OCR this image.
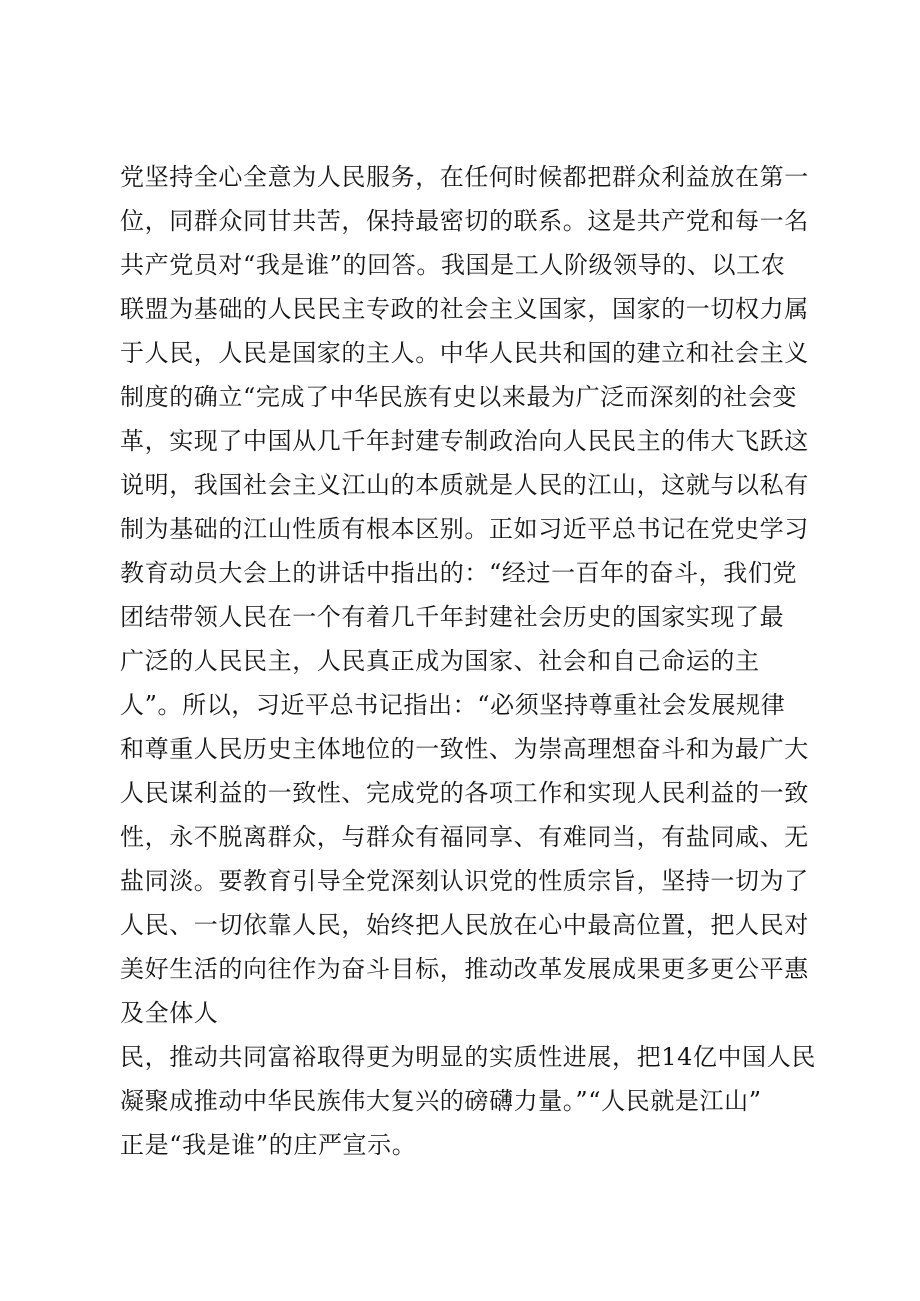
党坚持全心全意为人民服务，在任何时候都把群众利益放在第一
位，同群众同甘共苦，保持最密切的联系。这是共产党和每一名
共产党员对“我是谁”的回答。我国是工人阶级领导的、以工农
联盟为基础的人民民主专政的社会主义国家，国家的一切权力属
于人民，人民是国家的主人。中华人民共和国的建立和社会主义
制度的确立“完成了中华民族有史以来最为广泛而深刻的社会变
革，实现了中国从几千年封建专制政治向人民民主的伟大飞跃这
说明，我国社会主义江山的本质就是人民的江山，这就与以私有
制为基础的江山性质有根本区别。正如习近平总书记在党史学习
教育动员大会上的讲话中指出的：“经过一百年的奋斗，我们党
团结带领人民在一个有着几千年封建社会历史的国家实现了最
广泛的人民民主，人民真正成为国家、社会和自己命运的主
人”。所以，习近平总书记指出：“必须坚持尊重社会发展规律
和尊重人民历史主体地位的一致性、为崇高理想奋斗和为最广大
人民谋利益的一致性、完成党的各项工作和实现人民利益的一致
性，永不脱离群众，与群众有福同享、有难同当，有盐同咸、无
盐同淡。要教育引导全党深刻认识党的性质宗旨，坚持一切为了
人民、一切依靠人民，始终把人民放在心中最高位置，把人民对
美好生活的向往作为奋斗目标，推动改革发展成果更多更公平惠
及全体人
民，推动共同富裕取得更为明显的实质性进展，把14亿中国人民
凝聚成推动中华民族伟大复兴的磅礴力量。”“人民就是江山”
正是“我是谁”的庄严宣示。
